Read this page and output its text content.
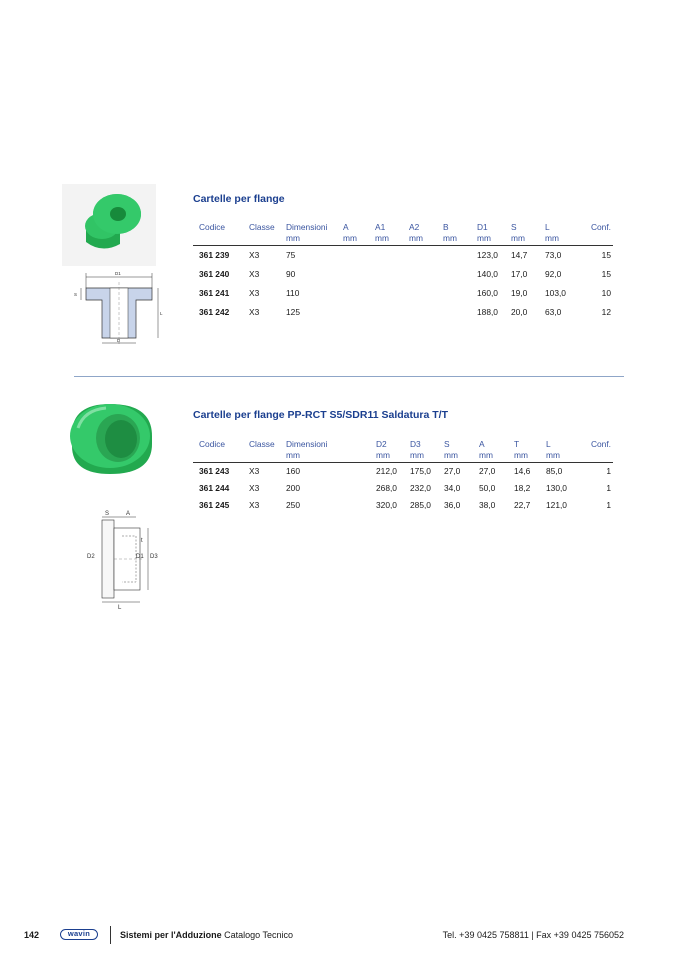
D1
S
L
D
Cartelle per flange
Codice	Classe	Dimensioni	A	A1	A2	B	D1	S	L	Conf.
		mm	mm	mm	mm	mm	mm	mm	mm	
361 239	X3	75					123,0	14,7	73,0	15
361 240	X3	90					140,0	17,0	92,0	15
361 241	X3	110					160,0	19,0	103,0	10
361 242	X3	125					188,0	20,0	63,0	12
S	A
t
D2	D1 D3
L
Cartelle per flange PP-RCT S5/SDR11 Saldatura T/T
Codice	Classe	Dimensioni	D2	D3	S	A	T	L	Conf.
		mm	mm	mm	mm	mm	mm	mm	
361 243	X3	160	212,0	175,0	27,0	27,0	14,6	85,0	1
361 244	X3	200	268,0	232,0	34,0	50,0	18,2	130,0	1
361 245	X3	250	320,0	285,0	36,0	38,0	22,7	121,0	1
142	wavin	Sistemi per l'Adduzione Catalogo Tecnico	Tel. +39 0425 758811 | Fax +39 0425 756052
